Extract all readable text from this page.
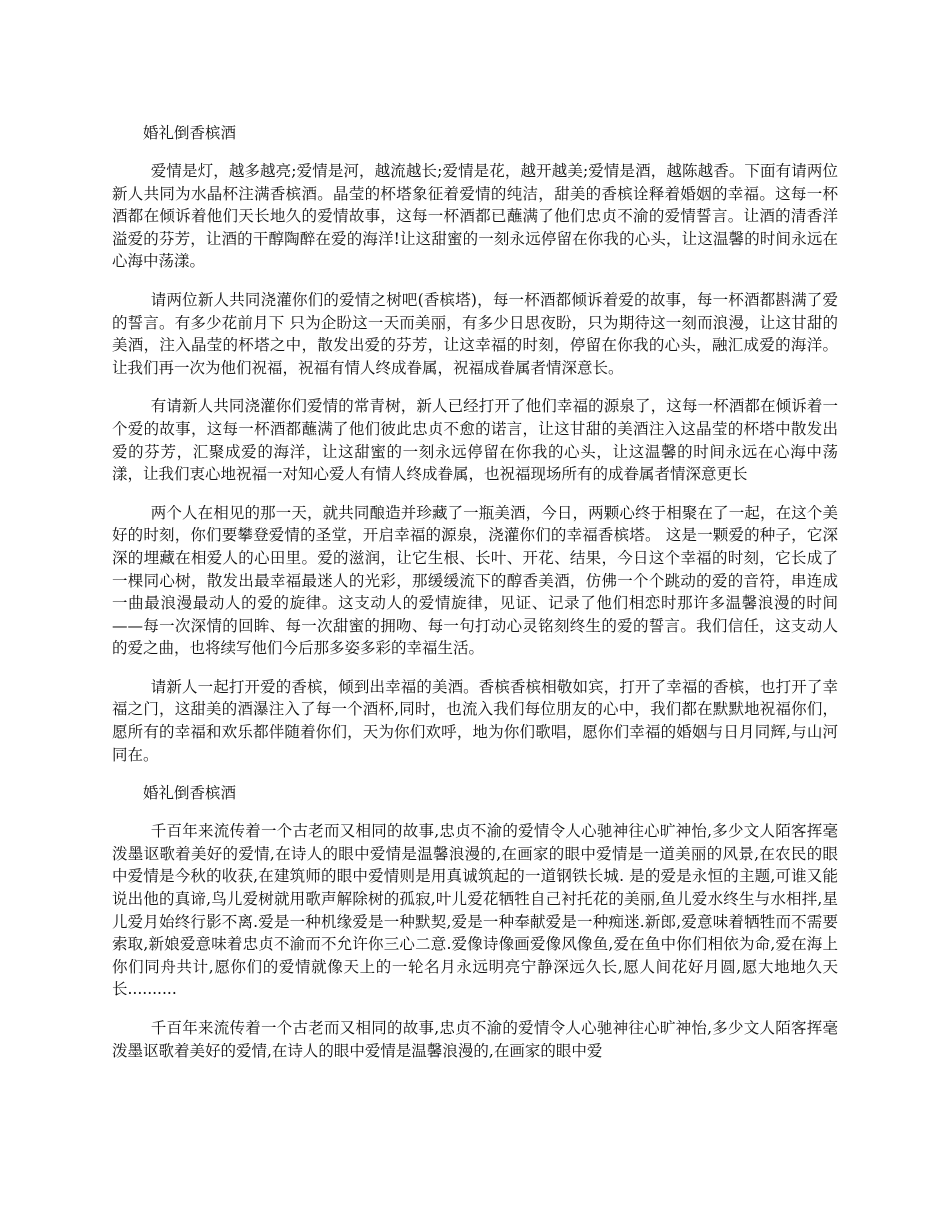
婚礼倒香槟酒

爱情是灯，越多越亮;爱情是河，越流越长;爱情是花，越开越美;爱情是酒，越陈越香。下面有请两位新人共同为水晶杯注满香槟酒。晶莹的杯塔象征着爱情的纯洁，甜美的香槟诠释着婚姻的幸福。这每一杯酒都在倾诉着他们天长地久的爱情故事，这每一杯酒都已蘸满了他们忠贞不渝的爱情誓言。让酒的清香洋溢爱的芬芳，让酒的干醇陶醉在爱的海洋!让这甜蜜的一刻永远停留在你我的心头，让这温馨的时间永远在心海中荡漾。

请两位新人共同浇灌你们的爱情之树吧(香槟塔)，每一杯酒都倾诉着爱的故事，每一杯酒都斟满了爱的誓言。有多少花前月下 只为企盼这一天而美丽，有多少日思夜盼，只为期待这一刻而浪漫，让这甘甜的美酒，注入晶莹的杯塔之中，散发出爱的芬芳，让这幸福的时刻，停留在你我的心头，融汇成爱的海洋。让我们再一次为他们祝福，祝福有情人终成眷属，祝福成眷属者情深意长。

有请新人共同浇灌你们爱情的常青树，新人已经打开了他们幸福的源泉了，这每一杯酒都在倾诉着一个爱的故事，这每一杯酒都蘸满了他们彼此忠贞不愈的诺言，让这甘甜的美酒注入这晶莹的杯塔中散发出爱的芬芳，汇聚成爱的海洋，让这甜蜜的一刻永远停留在你我的心头，让这温馨的时间永远在心海中荡漾，让我们衷心地祝福一对知心爱人有情人终成眷属，也祝福现场所有的成眷属者情深意更长

两个人在相见的那一天，就共同酿造并珍藏了一瓶美酒，今日，两颗心终于相聚在了一起，在这个美好的时刻，你们要攀登爱情的圣堂，开启幸福的源泉，浇灌你们的幸福香槟塔。 这是一颗爱的种子，它深深的埋藏在相爱人的心田里。爱的滋润，让它生根、长叶、开花、结果，今日这个幸福的时刻，它长成了一棵同心树，散发出最幸福最迷人的光彩，那缓缓流下的醇香美酒，仿佛一个个跳动的爱的音符，串连成一曲最浪漫最动人的爱的旋律。这支动人的爱情旋律，见证、记录了他们相恋时那许多温馨浪漫的时间——每一次深情的回眸、每一次甜蜜的拥吻、每一句打动心灵铭刻终生的爱的誓言。我们信任，这支动人的爱之曲，也将续写他们今后那多姿多彩的幸福生活。

请新人一起打开爱的香槟，倾到出幸福的美酒。香槟香槟相敬如宾，打开了幸福的香槟，也打开了幸福之门，这甜美的酒瀑注入了每一个酒杯,同时，也流入我们每位朋友的心中，我们都在默默地祝福你们，愿所有的幸福和欢乐都伴随着你们，天为你们欢呼，地为你们歌唱，愿你们幸福的婚姻与日月同辉,与山河同在。

婚礼倒香槟酒

千百年来流传着一个古老而又相同的故事,忠贞不渝的爱情令人心驰神往心旷神怡,多少文人陌客挥毫泼墨讴歌着美好的爱情,在诗人的眼中爱情是温馨浪漫的,在画家的眼中爱情是一道美丽的风景,在农民的眼中爱情是今秋的收获,在建筑师的眼中爱情则是用真诚筑起的一道钢铁长城. 是的爱是永恒的主题,可谁又能说出他的真谛,鸟儿爱树就用歌声解除树的孤寂,叶儿爱花牺牲自己衬托花的美丽,鱼儿爱水终生与水相拌,星儿爱月始终行影不离.爱是一种机缘爱是一种默契,爱是一种奉献爱是一种痴迷.新郎,爱意味着牺牲而不需要索取,新娘爱意味着忠贞不渝而不允许你三心二意.爱像诗像画爱像风像鱼,爱在鱼中你们相依为命,爱在海上你们同舟共计,愿你们的爱情就像天上的一轮名月永远明亮宁静深远久长,愿人间花好月圆,愿大地地久天长..........

千百年来流传着一个古老而又相同的故事,忠贞不渝的爱情令人心驰神往心旷神怡,多少文人陌客挥毫泼墨讴歌着美好的爱情,在诗人的眼中爱情是温馨浪漫的,在画家的眼中爱
